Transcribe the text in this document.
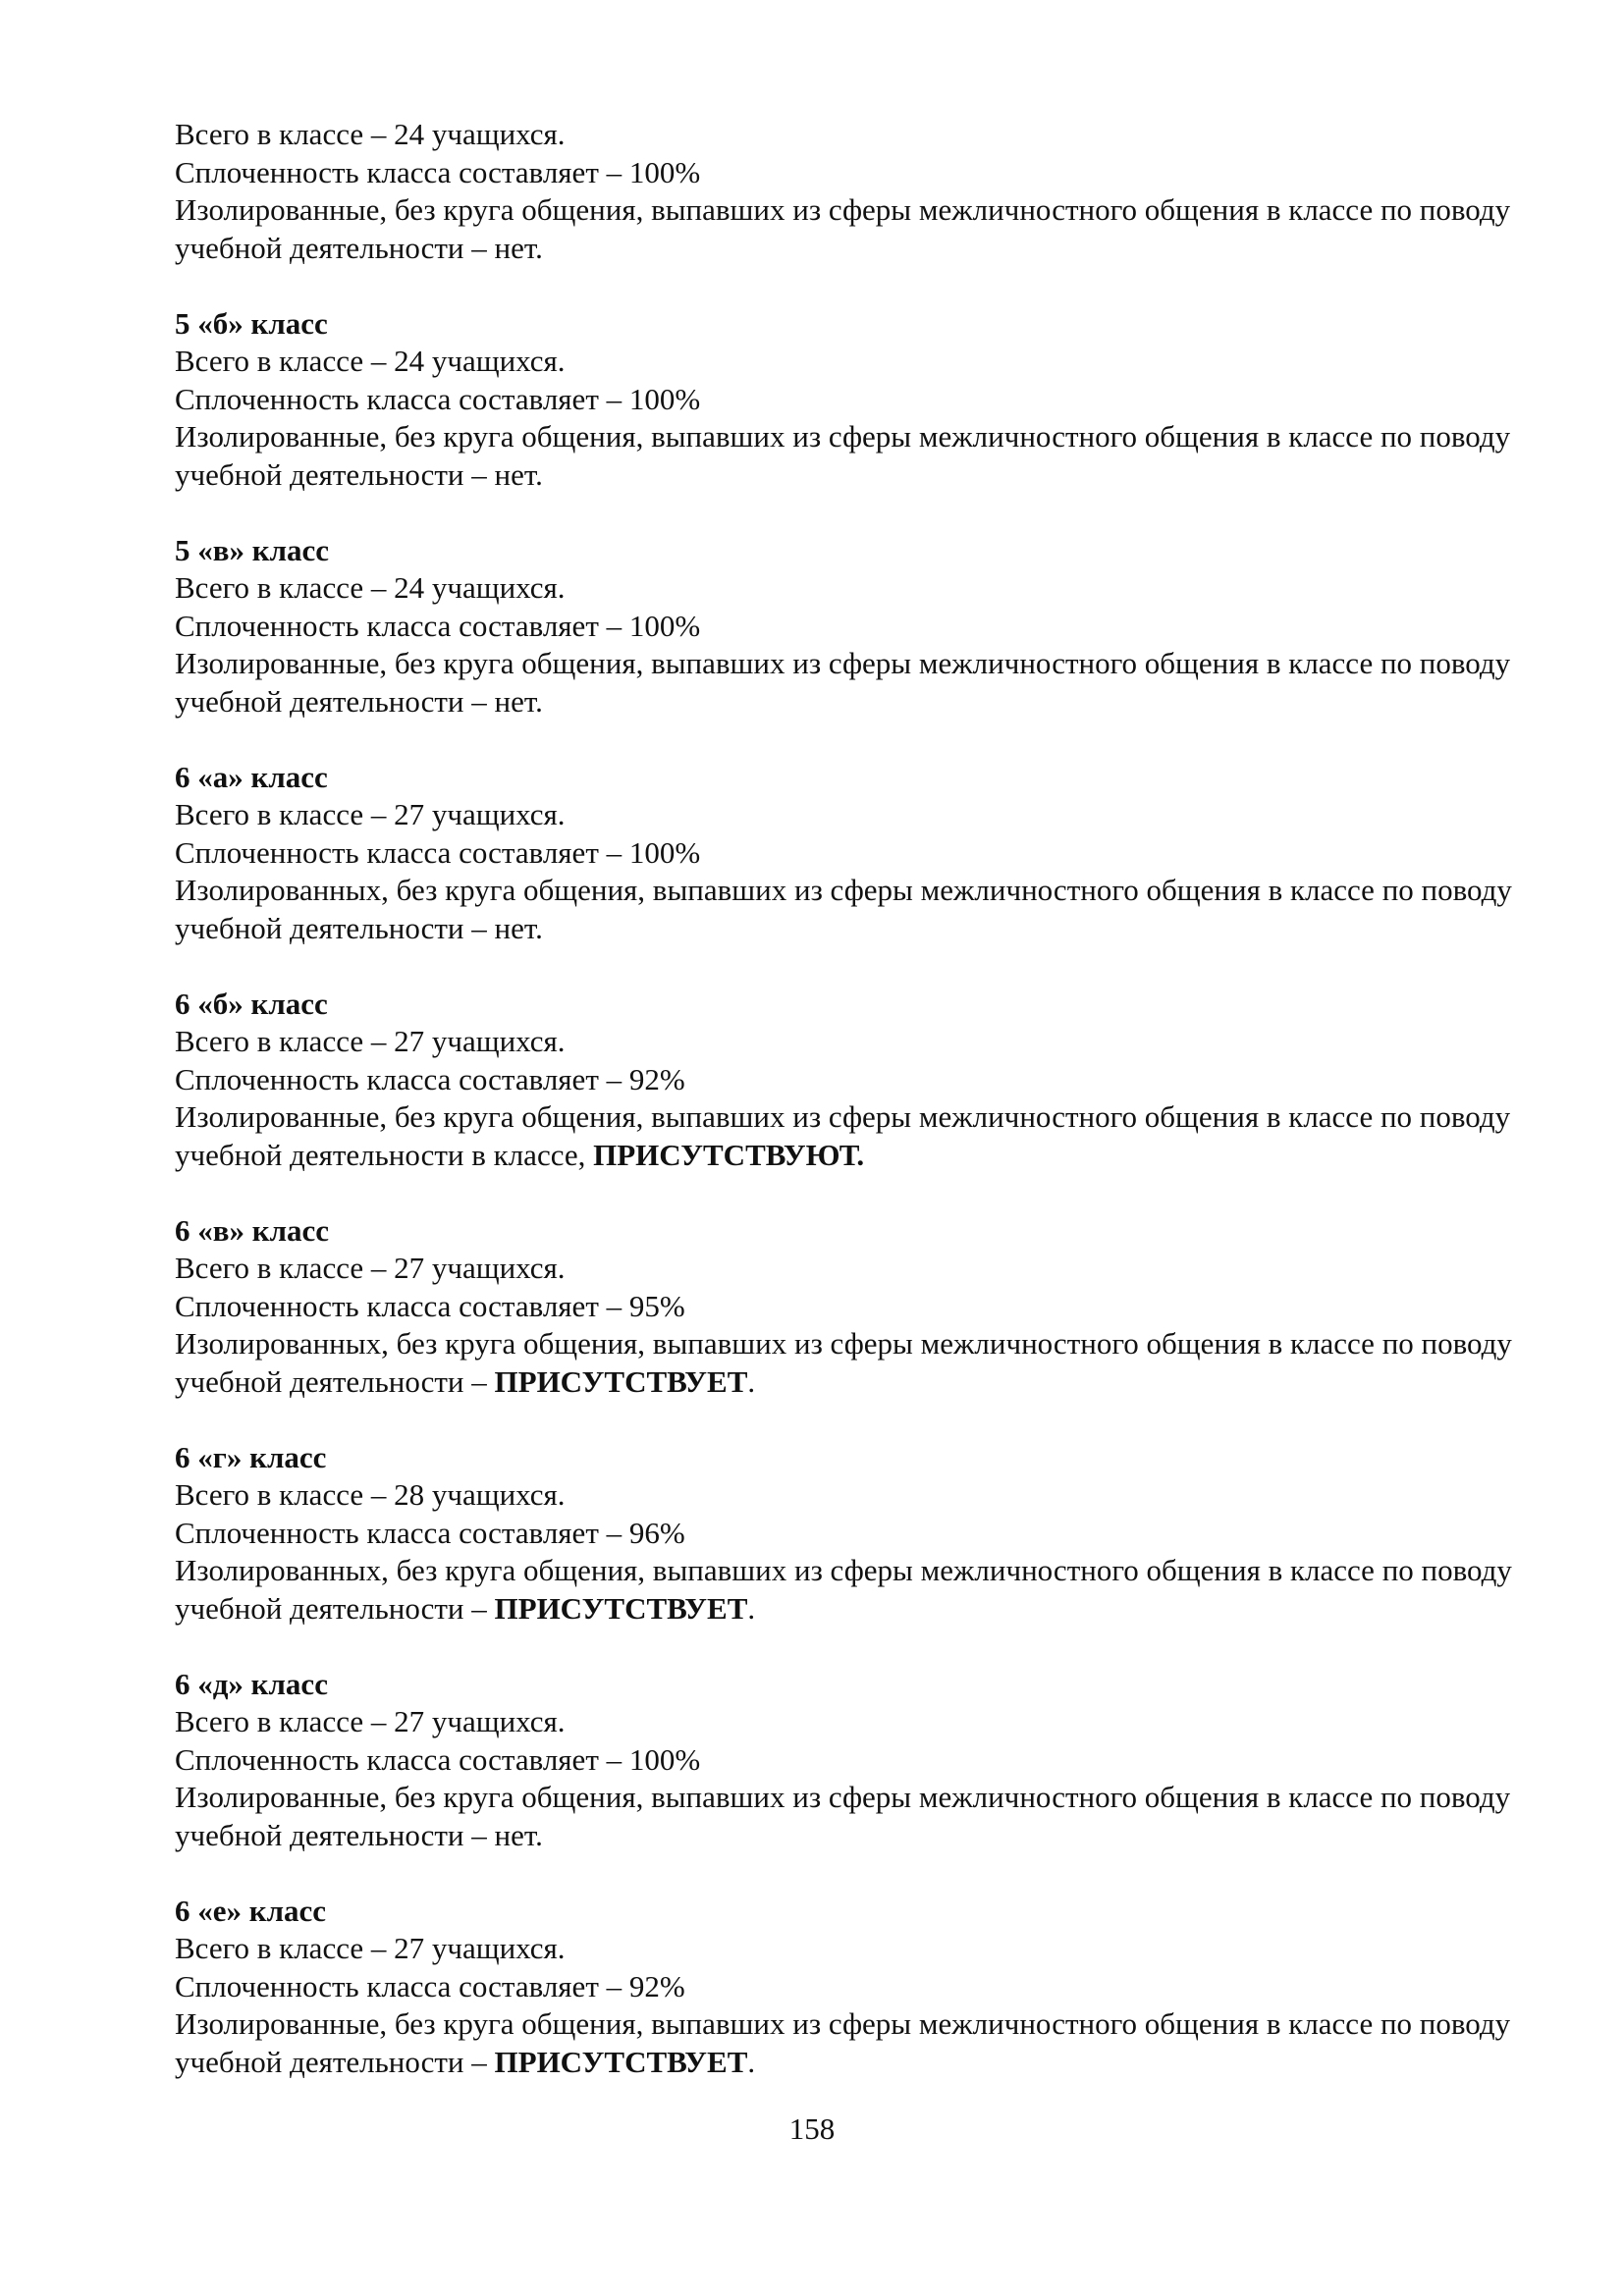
Всего в классе – 24 учащихся.
Сплоченность класса составляет – 100%
Изолированные, без круга общения, выпавших из сферы межличностного общения в классе по поводу учебной деятельности – нет.
5 «б» класс
Всего в классе – 24 учащихся.
Сплоченность класса составляет – 100%
Изолированные, без круга общения, выпавших из сферы межличностного общения в классе по поводу учебной деятельности – нет.
5 «в» класс
Всего в классе – 24 учащихся.
Сплоченность класса составляет – 100%
Изолированные, без круга общения, выпавших из сферы межличностного общения в классе по поводу учебной деятельности – нет.
6 «а» класс
Всего в классе – 27 учащихся.
Сплоченность класса составляет – 100%
Изолированных, без круга общения, выпавших из сферы межличностного общения в классе по поводу учебной деятельности – нет.
6 «б» класс
Всего в классе – 27 учащихся.
Сплоченность класса составляет – 92%
Изолированные, без круга общения, выпавших из сферы межличностного общения в классе по поводу учебной деятельности в классе, ПРИСУТСТВУЮТ.
6 «в» класс
Всего в классе – 27 учащихся.
Сплоченность класса составляет – 95%
Изолированных, без круга общения, выпавших из сферы межличностного общения в классе по поводу учебной деятельности – ПРИСУТСТВУЕТ.
6 «г» класс
Всего в классе – 28 учащихся.
Сплоченность класса составляет – 96%
Изолированных, без круга общения, выпавших из сферы межличностного общения в классе по поводу учебной деятельности – ПРИСУТСТВУЕТ.
6 «д» класс
Всего в классе – 27 учащихся.
Сплоченность класса составляет – 100%
Изолированные, без круга общения, выпавших из сферы межличностного общения в классе по поводу учебной деятельности – нет.
6 «е» класс
Всего в классе – 27 учащихся.
Сплоченность класса составляет – 92%
Изолированные, без круга общения, выпавших из сферы межличностного общения в классе по поводу учебной деятельности – ПРИСУТСТВУЕТ.
158
